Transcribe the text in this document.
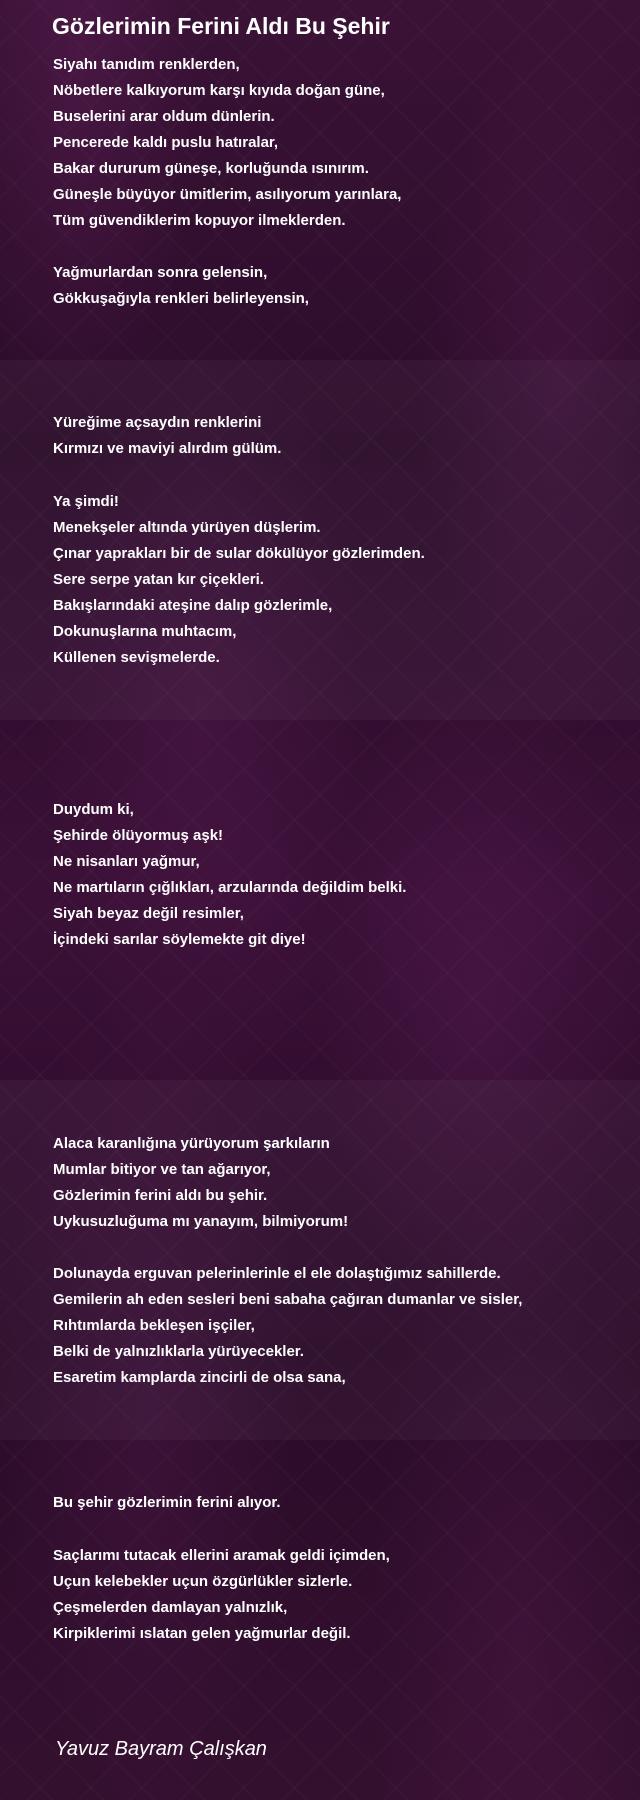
Gözlerimin Ferini Aldı Bu Şehir
Siyahı tanıdım renklerden,
Nöbetlere kalkıyorum karşı kıyıda doğan güne,
Buselerini arar oldum dünlerin.
Pencerede kaldı puslu hatıralar,
Bakar dururum güneşe, korluğunda ısınırım.
Güneşle büyüyor ümitlerim, asılıyorum yarınlara,
Tüm güvendiklerim kopuyor ilmeklerden.
Yağmurlardan sonra gelensin,
Gökkuşağıyla renkleri belirleyensin,
Yüreğime açsaydın renklerini
Kırmızı ve maviyi alırdım gülüm.
Ya şimdi!
Menekşeler altında yürüyen düşlerim.
Çınar yaprakları bir de sular dökülüyor gözlerimden.
Sere serpe yatan kır çiçekleri.
Bakışlarındaki ateşine dalıp gözlerimle,
Dokunuşlarına muhtacım,
Küllenen sevişmelerde.
Duydum ki,
Şehirde ölüyormuş aşk!
Ne nisanları yağmur,
Ne martıların çığlıkları, arzularında değildim belki.
Siyah beyaz değil resimler,
İçindeki sarılar söylemekte git diye!
Alaca karanlığına yürüyorum şarkıların
Mumlar bitiyor ve tan ağarıyor,
Gözlerimin ferini aldı bu şehir.
Uykusuzluğuma mı yanayım, bilmiyorum!
Dolunayda erguvan pelerinlerinle el ele dolaştığımız sahillerde.
Gemilerin ah eden sesleri beni sabaha çağıran dumanlar ve sisler,
Rıhtımlarda bekleşen işçiler,
Belki de yalnızlıklarla yürüyecekler.
Esaretim kamplarda zincirli de olsa sana,
Bu şehir gözlerimin ferini alıyor.
Saçlarımı tutacak ellerini aramak geldi içimden,
Uçun kelebekler uçun özgürlükler sizlerle.
Çeşmelerden damlayan yalnızlık,
Kirpiklerimi ıslatan gelen yağmurlar değil.
Yavuz Bayram Çalışkan
